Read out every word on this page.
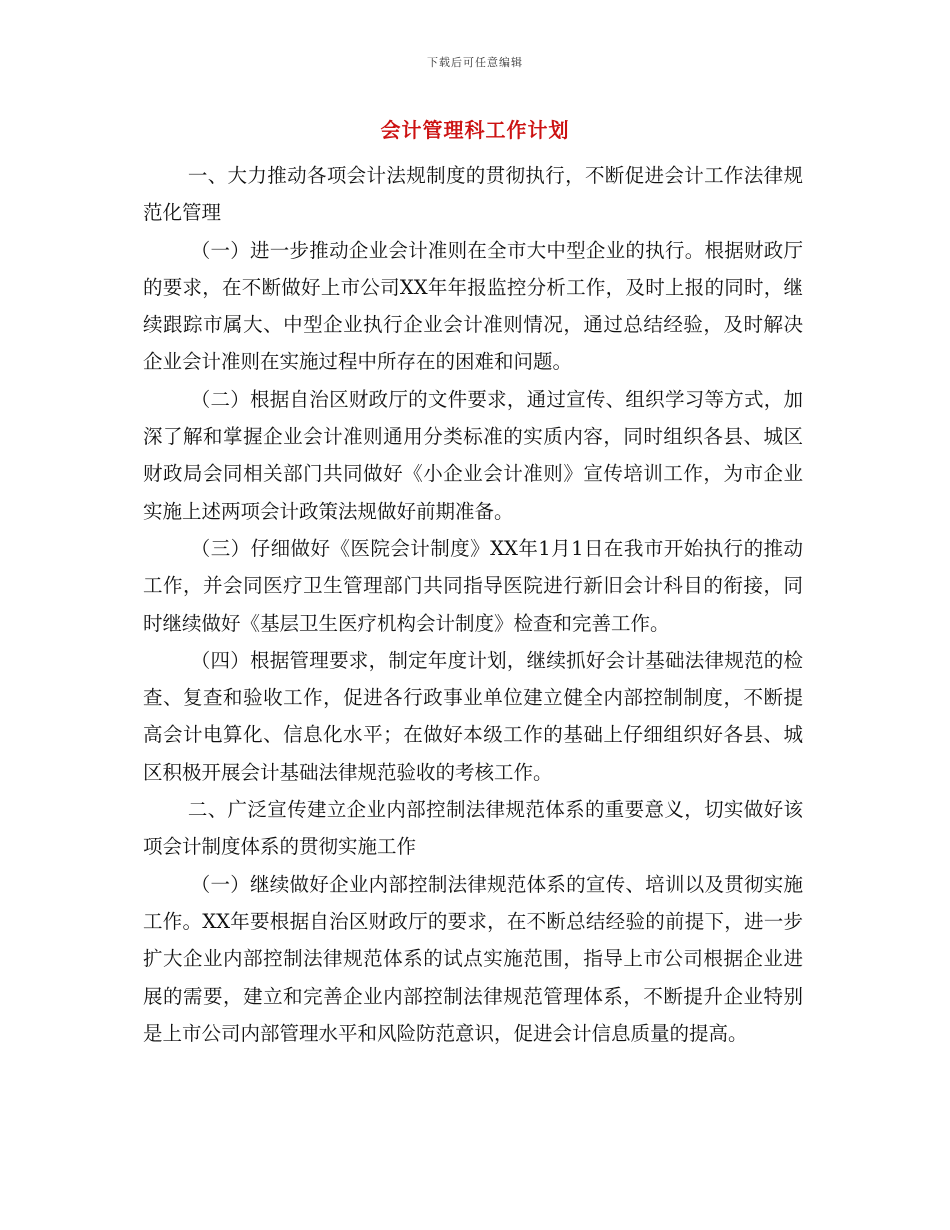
下载后可任意编辑
会计管理科工作计划

一、大力推动各项会计法规制度的贯彻执行，不断促进会计工作法律规范化管理

（一）进一步推动企业会计准则在全市大中型企业的执行。根据财政厅的要求，在不断做好上市公司XX年年报监控分析工作，及时上报的同时，继续跟踪市属大、中型企业执行企业会计准则情况，通过总结经验，及时解决企业会计准则在实施过程中所存在的困难和问题。

（二）根据自治区财政厅的文件要求，通过宣传、组织学习等方式，加深了解和掌握企业会计准则通用分类标准的实质内容，同时组织各县、城区财政局会同相关部门共同做好《小企业会计准则》宣传培训工作，为市企业实施上述两项会计政策法规做好前期准备。

（三）仔细做好《医院会计制度》XX年1月1日在我市开始执行的推动工作，并会同医疗卫生管理部门共同指导医院进行新旧会计科目的衔接，同时继续做好《基层卫生医疗机构会计制度》检查和完善工作。

（四）根据管理要求，制定年度计划，继续抓好会计基础法律规范的检查、复查和验收工作，促进各行政事业单位建立健全内部控制制度，不断提高会计电算化、信息化水平；在做好本级工作的基础上仔细组织好各县、城区积极开展会计基础法律规范验收的考核工作。

二、广泛宣传建立企业内部控制法律规范体系的重要意义，切实做好该项会计制度体系的贯彻实施工作

（一）继续做好企业内部控制法律规范体系的宣传、培训以及贯彻实施工作。XX年要根据自治区财政厅的要求，在不断总结经验的前提下，进一步扩大企业内部控制法律规范体系的试点实施范围，指导上市公司根据企业进展的需要，建立和完善企业内部控制法律规范管理体系，不断提升企业特别是上市公司内部管理水平和风险防范意识，促进会计信息质量的提高。
